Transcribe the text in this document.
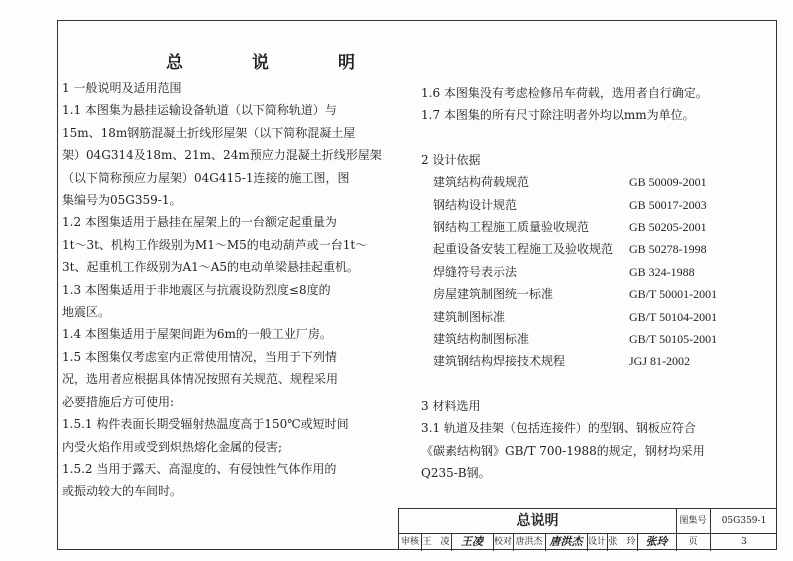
总　说　明

1 一般说明及适用范围

1.1 本图集为悬挂运输设备轨道（以下简称轨道）与

15m、18m钢筋混凝土折线形屋架（以下简称混凝土屋

架）04G314及18m、21m、24m预应力混凝土折线形屋架

（以下简称预应力屋架）04G415-1连接的施工图，图

集编号为05G359-1。

1.2 本图集适用于悬挂在屋架上的一台额定起重量为

1t～3t、机构工作级别为M1～M5的电动葫芦或一台1t～

3t、起重机工作级别为A1～A5的电动单梁悬挂起重机。

1.3 本图集适用于非地震区与抗震设防烈度≤8度的

地震区。

1.4 本图集适用于屋架间距为6m的一般工业厂房。

1.5 本图集仅考虑室内正常使用情况，当用于下列情

况，选用者应根据具体情况按照有关规范、规程采用

必要措施后方可使用:

1.5.1 构件表面长期受辐射热温度高于150℃或短时间

内受火焰作用或受到炽热熔化金属的侵害;

1.5.2 当用于露天、高湿度的、有侵蚀性气体作用的

或振动较大的车间时。

1.6 本图集没有考虑检修吊车荷载，选用者自行确定。

1.7 本图集的所有尺寸除注明者外均以mm为单位。

2 设计依据

建筑结构荷载规范	GB 50009-2001
钢结构设计规范	GB 50017-2003
钢结构工程施工质量验收规范	GB 50205-2001
起重设备安装工程施工及验收规范	GB 50278-1998
焊缝符号表示法	GB 324-1988
房屋建筑制图统一标准	GB/T 50001-2001
建筑制图标准	GB/T 50104-2001
建筑结构制图标准	GB/T 50105-2001
建筑钢结构焊接技术规程	JGJ 81-2002

3 材料选用

3.1 轨道及挂架（包括连接件）的型钢、钢板应符合

《碳素结构钢》GB/T 700-1988的规定，钢材均采用

Q235-B钢。

总说明	图集号	05G359-1
审核 王　凌	王凌	校对 唐洪杰 唐洪杰 设计 张　玲 张玲	页	3
